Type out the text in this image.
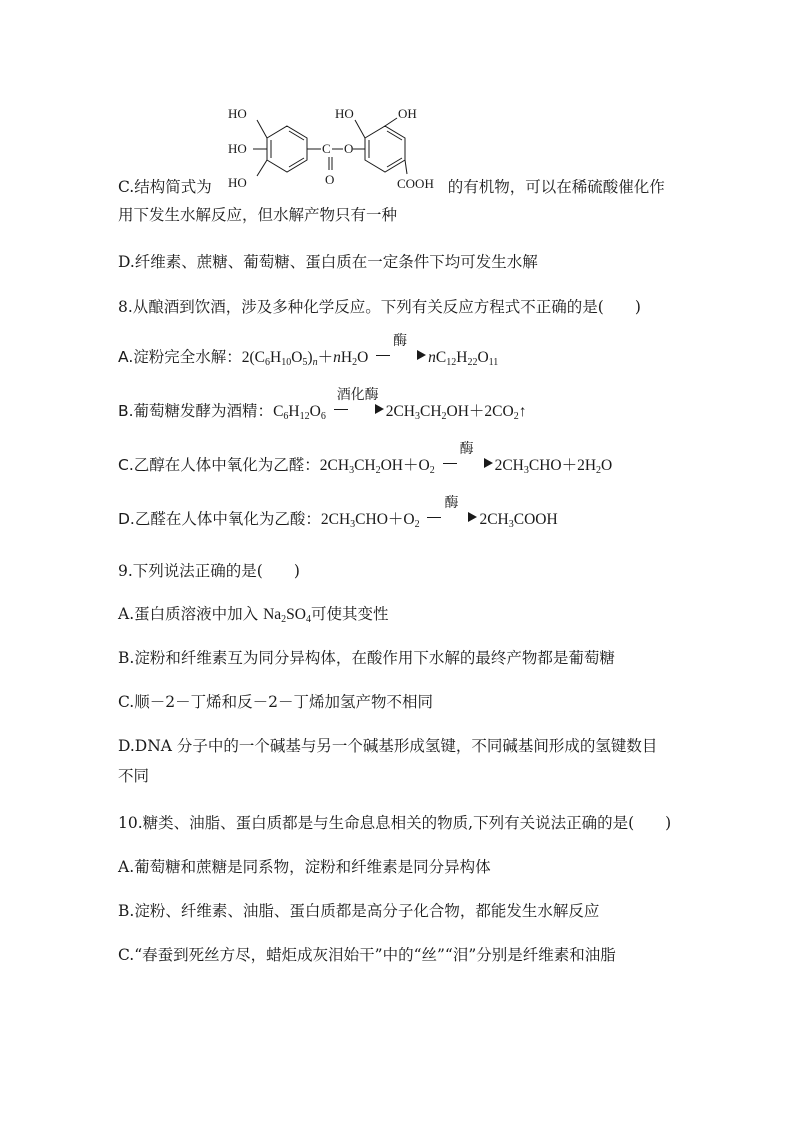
HO
HO
HO
C
O
O
HO	OH
COOH
C.结构简式为	的有机物，可以在稀硫酸催化作
用下发生水解反应，但水解产物只有一种
D.纤维素、蔗糖、葡萄糖、蛋白质在一定条件下均可发生水解
8.从酿酒到饮酒，涉及多种化学反应。下列有关反应方程式不正确的是(　　)
A.淀粉完全水解：$2(C_6H_{10}O_5)_n+nH_2O$
酶
$nC_{12}H_{22}O_{11}$
B.葡萄糖发酵为酒精：$C_6H_{12}O_6$
酒化酶
$2CH_3CH_2OH+2CO_2↑$
C.乙醇在人体中氧化为乙醛：$2CH_3CH_2OH+O_2$
酶
$2CH_3CHO+2H_2O$
D.乙醛在人体中氧化为乙酸：$2CH_3CHO+O_2$
酶
$2CH_3COOH$
9.下列说法正确的是(　　)
A.蛋白质溶液中加入 $Na_2SO_4$可使其变性
B.淀粉和纤维素互为同分异构体，在酸作用下水解的最终产物都是葡萄糖
C.顺－2－丁烯和反－2－丁烯加氢产物不相同
D.DNA 分子中的一个碱基与另一个碱基形成氢键，不同碱基间形成的氢键数目
不同
10.糖类、油脂、蛋白质都是与生命息息相关的物质,下列有关说法正确的是(　　)
A.葡萄糖和蔗糖是同系物，淀粉和纤维素是同分异构体
B.淀粉、纤维素、油脂、蛋白质都是高分子化合物，都能发生水解反应
C.“春蚕到死丝方尽，蜡炬成灰泪始干”中的“丝”“泪”分别是纤维素和油脂
